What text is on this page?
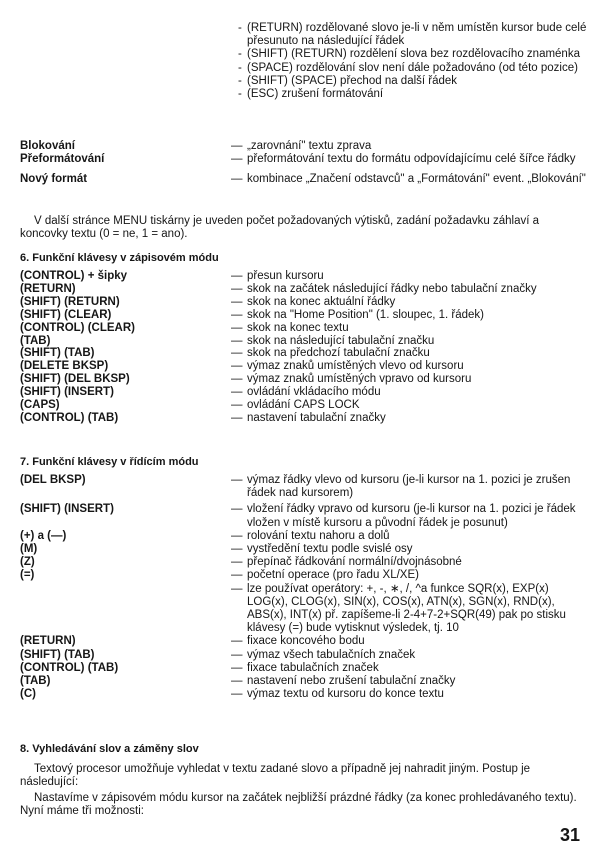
- (RETURN) rozdělované slovo je-li v něm umístěn kursor bude celé přesunuto na následující řádek
- (SHIFT) (RETURN) rozdělení slova bez rozdělovacího znaménka
- (SPACE) rozdělování slov není dále požadováno (od této pozice)
- (SHIFT) (SPACE) přechod na další řádek
- (ESC) zrušení formátování
Blokování	— „zarovnání" textu zprava
Přeformátování	— přeformátování textu do formátu odpovídajícímu celé šířce řádky
Nový formát	— kombinace „Značení odstavců" a „Formátování" event. „Blokování"

V další stránce MENU tiskárny je uveden počet požadovaných výtisků, zadání požadavku záhlaví a koncovky textu (0 = ne, 1 = ano).

6. Funkční klávesy v zápisovém módu
(CONTROL) + šipky	— přesun kursoru
(RETURN)	— skok na začátek následující řádky nebo tabulační značky
(SHIFT) (RETURN)	— skok na konec aktuální řádky
(SHIFT) (CLEAR)	— skok na "Home Position" (1. sloupec, 1. řádek)
(CONTROL) (CLEAR)	— skok na konec textu
(TAB)	— skok na následující tabulační značku
(SHIFT) (TAB)	— skok na předchozí tabulační značku
(DELETE BKSP)	— výmaz znaků umístěných vlevo od kursoru
(SHIFT) (DEL BKSP)	— výmaz znaků umístěných vpravo od kursoru
(SHIFT) (INSERT)	— ovládání vkládacího módu
(CAPS)	— ovládání CAPS LOCK
(CONTROL) (TAB)	— nastavení tabulační značky
7. Funkční klávesy v řídícím módu
(DEL BKSP)	— výmaz řádky vlevo od kursoru (je-li kursor na 1. pozici je zrušen řádek nad kursorem)
(SHIFT) (INSERT)	— vložení řádky vpravo od kursoru (je-li kursor na 1. pozici je řádek vložen v místě kursoru a původní řádek je posunut)
(+) a (—)	— rolování textu nahoru a dolů
(M)	— vystředění textu podle svislé osy
(Z)	— přepínač řádkování normální/dvojnásobné
(=)	— početní operace (pro řadu XL/XE)
— lze používat operátory: +, -, ∗, /, ^a funkce SQR(x), EXP(x) LOG(x), CLOG(x), SIN(x), COS(x), ATN(x), SGN(x), RND(x), ABS(x), INT(x) př. zapíšeme-li 2-4+7-2+SQR(49) pak po stisku klávesy (=) bude vytisknut výsledek, tj. 10
(RETURN)	— fixace koncového bodu
(SHIFT) (TAB)	— výmaz všech tabulačních značek
(CONTROL) (TAB)	— fixace tabulačních značek
(TAB)	— nastavení nebo zrušení tabulační značky
(C)	— výmaz textu od kursoru do konce textu
8. Vyhledávání slov a záměny slov

Textový procesor umožňuje vyhledat v textu zadané slovo a případně jej nahradit jiným. Postup je následující:

Nastavíme v zápisovém módu kursor na začátek nejbližší prázdné řádky (za konec prohledávaného textu). Nyní máme tři možnosti:

31
